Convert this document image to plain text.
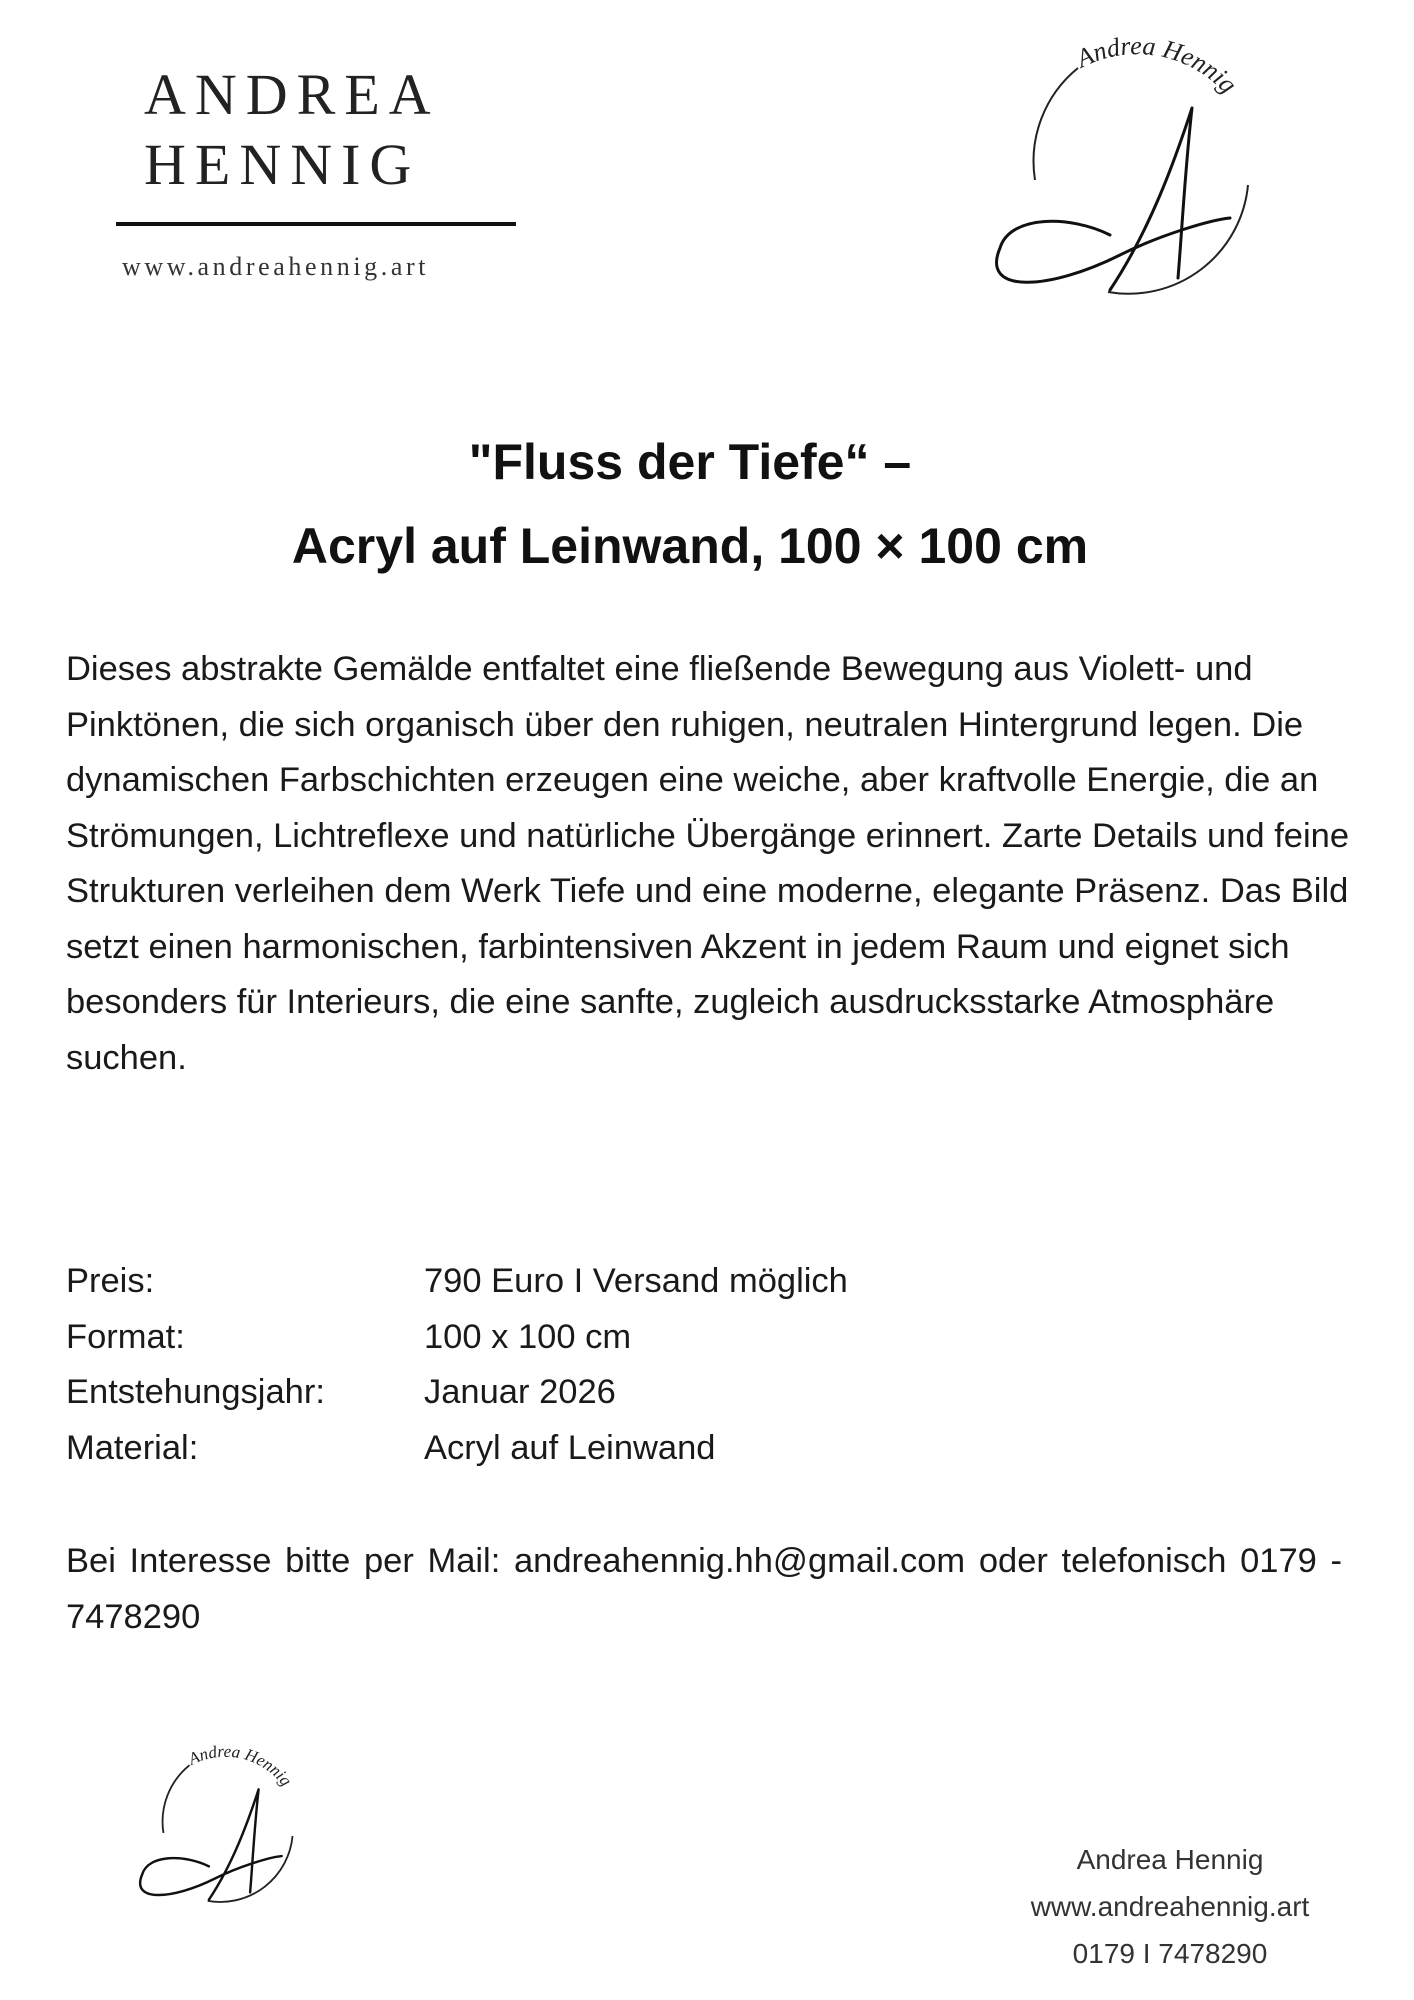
ANDREA

HENNIG

www.andreahennig.art
Andrea Hennig
"Fluss der Tiefe“ –
Acryl auf Leinwand, 100 × 100 cm
Dieses abstrakte Gemälde entfaltet eine fließende Bewegung aus Violett- und Pinktönen, die sich organisch über den ruhigen, neutralen Hintergrund legen. Die dynamischen Farbschichten erzeugen eine weiche, aber kraftvolle Energie, die an Strömungen, Lichtreflexe und natürliche Übergänge erinnert. Zarte Details und feine Strukturen verleihen dem Werk Tiefe und eine moderne, elegante Präsenz. Das Bild setzt einen harmonischen, farbintensiven Akzent in jedem Raum und eignet sich besonders für Interieurs, die eine sanfte, zugleich ausdrucksstarke Atmosphäre suchen.
Preis:	790 Euro I Versand möglich
Format:	100 x 100 cm
Entstehungsjahr:	Januar 2026
Material:	Acryl auf Leinwand
Bei Interesse bitte per Mail: andreahennig.hh@gmail.com oder telefonisch 0179 - 7478290
Andrea Hennig
Andrea Hennig
www.andreahennig.art
0179 I 7478290
